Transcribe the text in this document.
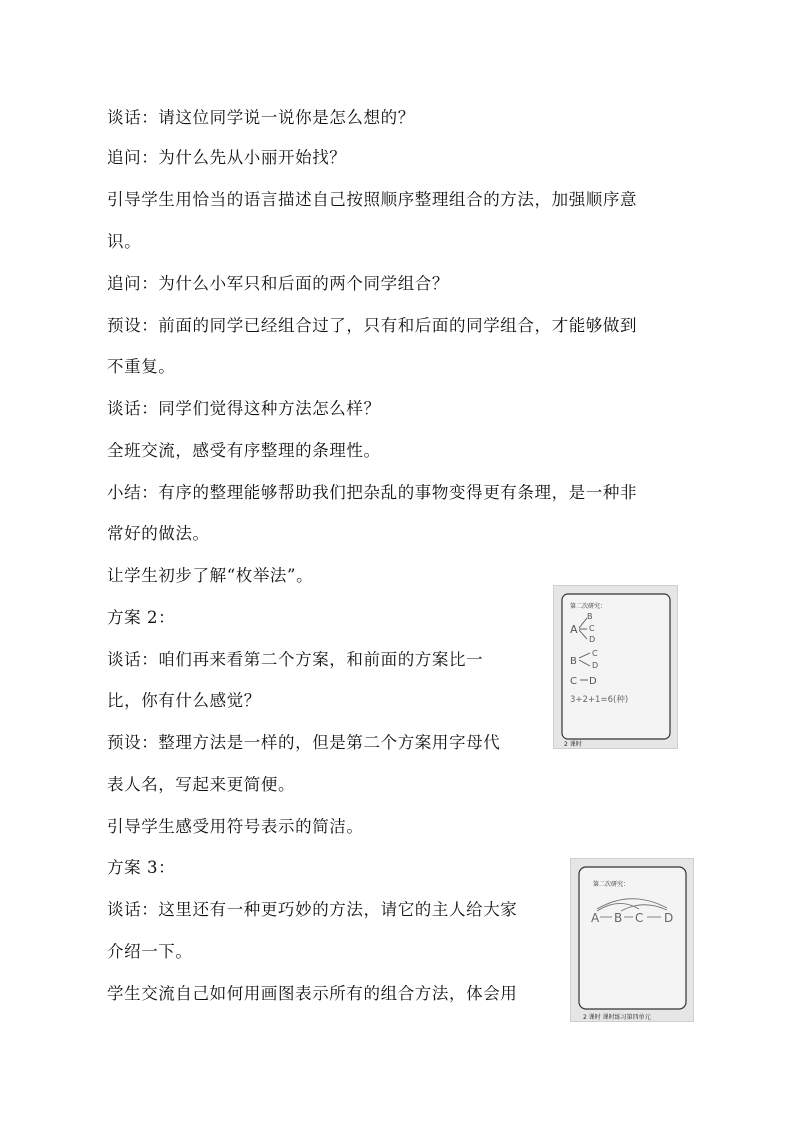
谈话：请这位同学说一说你是怎么想的？
追问：为什么先从小丽开始找？
引导学生用恰当的语言描述自己按照顺序整理组合的方法，加强顺序意
识。
追问：为什么小军只和后面的两个同学组合？
预设：前面的同学已经组合过了，只有和后面的同学组合，才能够做到
不重复。
谈话：同学们觉得这种方法怎么样？
全班交流，感受有序整理的条理性。
小结：有序的整理能够帮助我们把杂乱的事物变得更有条理，是一种非
常好的做法。
让学生初步了解“枚举法”。
方案 2：
谈话：咱们再来看第二个方案，和前面的方案比一
比，你有什么感觉？
预设：整理方法是一样的，但是第二个方案用字母代
表人名，写起来更简便。
引导学生感受用符号表示的简洁。
方案 3：
谈话：这里还有一种更巧妙的方法，请它的主人给大家
介绍一下。
学生交流自己如何用画图表示所有的组合方法，体会用
第二次研究：
A
B
C
D
B
C
D
C D
3+2+1=6(种)
2 课时
第二次研究：
A B C D
2 课时 课时练习第四单元
